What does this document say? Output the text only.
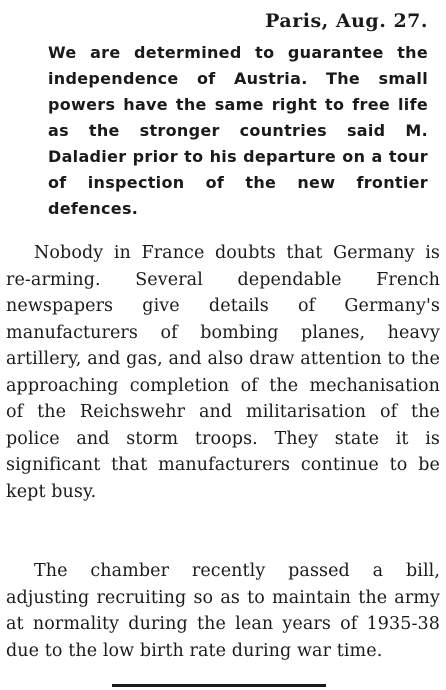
Paris, Aug. 27.

We are determined to guarantee the independence of Austria. The small powers have the same right to free life as the stronger countries said M. Daladier prior to his departure on a tour of inspection of the new frontier defences.

Nobody in France doubts that Germany is re-arming. Several dependable French newspapers give details of Germany's manufacturers of bombing planes, heavy artillery, and gas, and also draw attention to the approaching completion of the mechanisation of the Reichswehr and militarisation of the police and storm troops. They state it is significant that manufacturers continue to be kept busy.

The chamber recently passed a bill, adjusting recruiting so as to maintain the army at normality during the lean years of 1935-38 due to the low birth rate during war time.
